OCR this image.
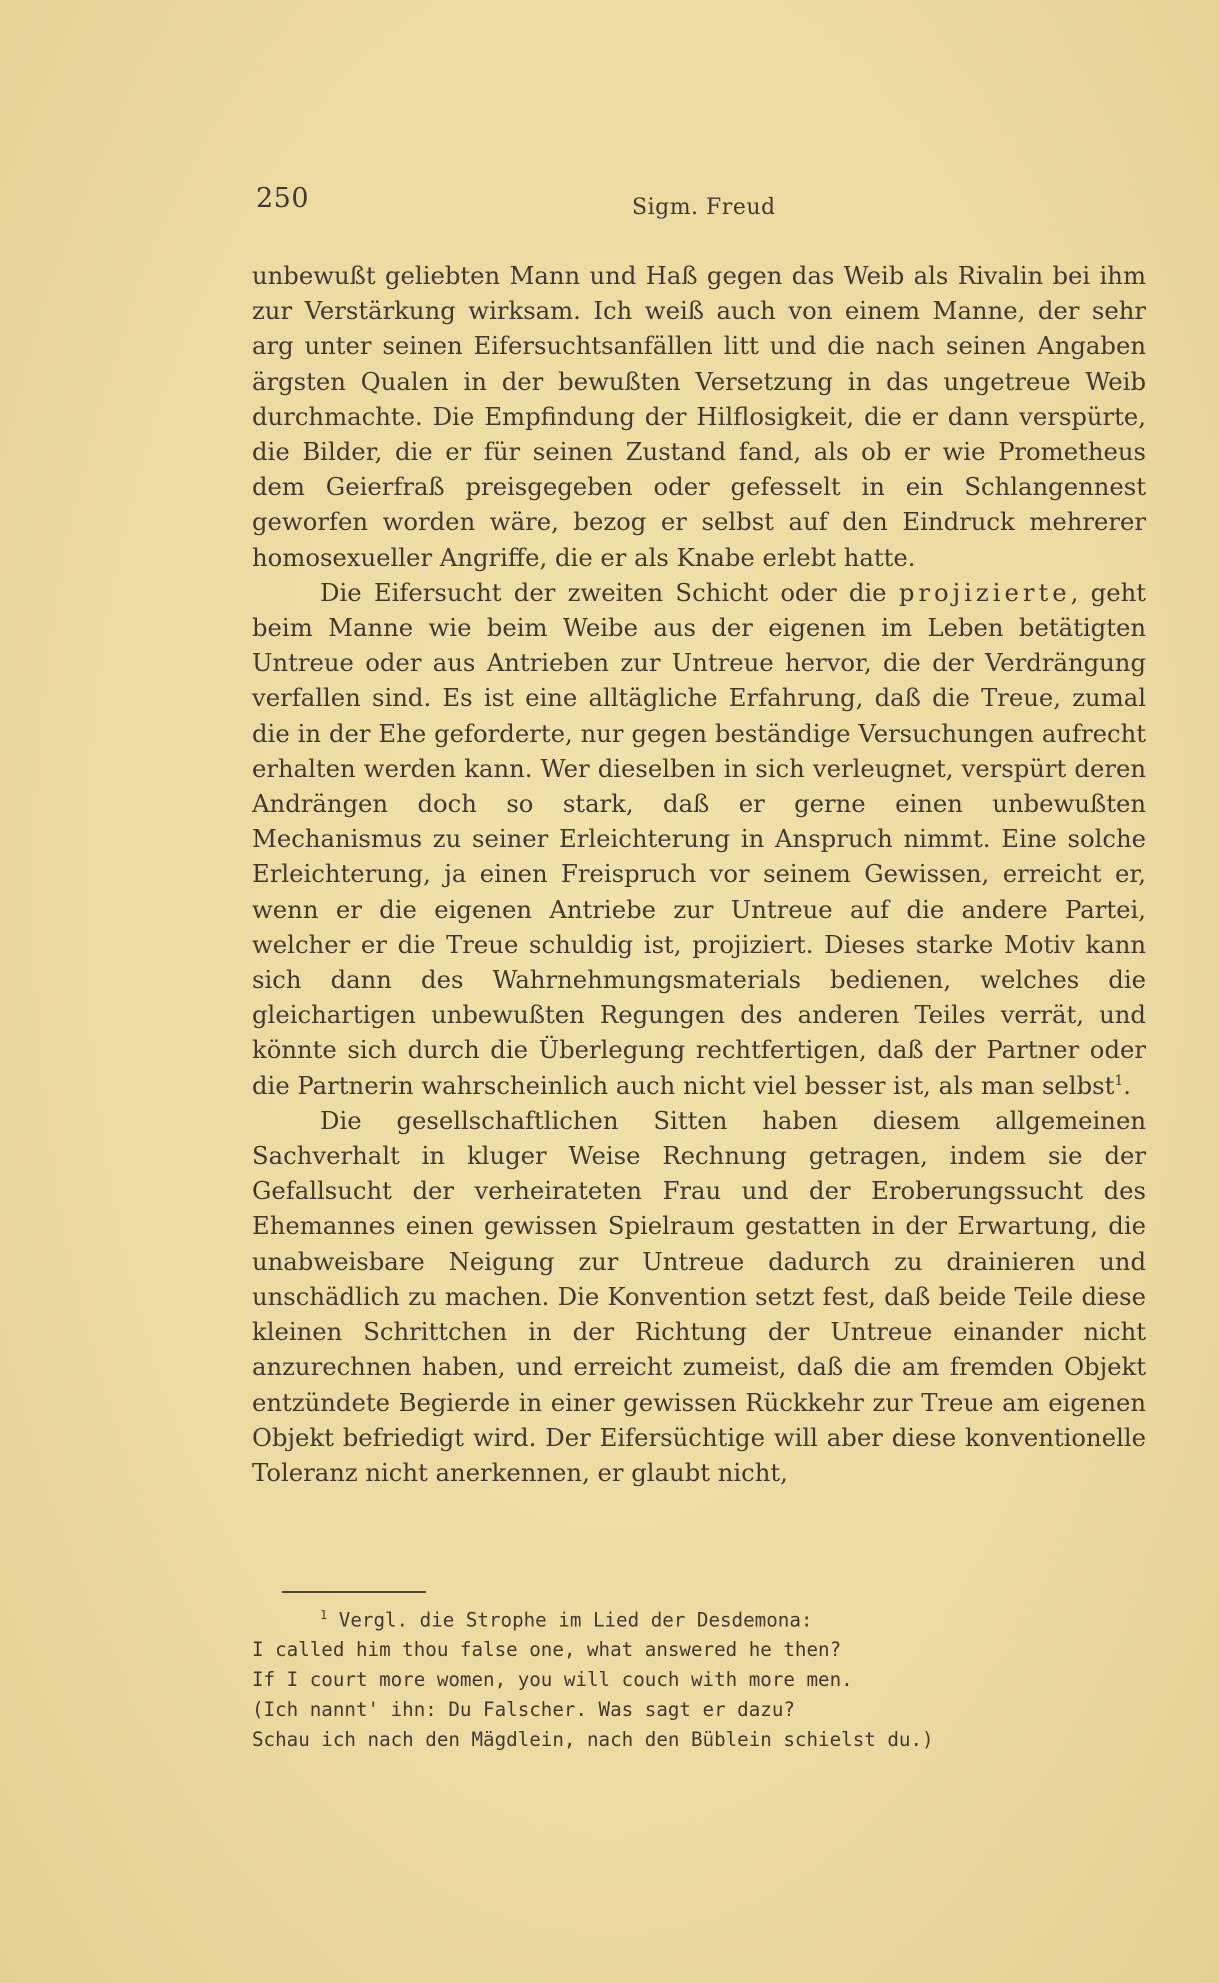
250	Sigm. Freud

unbewußt geliebten Mann und Haß gegen das Weib als Rivalin bei ihm zur Verstärkung wirksam. Ich weiß auch von einem Manne, der sehr arg unter seinen Eifersuchtsanfällen litt und die nach seinen Angaben ärgsten Qualen in der bewußten Versetzung in das ungetreue Weib durchmachte. Die Empfindung der Hilflosigkeit, die er dann verspürte, die Bilder, die er für seinen Zustand fand, als ob er wie Prometheus dem Geierfraß preisgegeben oder gefesselt in ein Schlangennest geworfen worden wäre, bezog er selbst auf den Eindruck mehrerer homosexueller Angriffe, die er als Knabe erlebt hatte.

Die Eifersucht der zweiten Schicht oder die projizierte, geht beim Manne wie beim Weibe aus der eigenen im Leben betätigten Untreue oder aus Antrieben zur Untreue hervor, die der Verdrängung verfallen sind. Es ist eine alltägliche Erfahrung, daß die Treue, zumal die in der Ehe geforderte, nur gegen beständige Versuchungen aufrecht erhalten werden kann. Wer dieselben in sich verleugnet, verspürt deren Andrängen doch so stark, daß er gerne einen unbewußten Mechanismus zu seiner Erleichterung in Anspruch nimmt. Eine solche Erleichterung, ja einen Freispruch vor seinem Gewissen, erreicht er, wenn er die eigenen Antriebe zur Untreue auf die andere Partei, welcher er die Treue schuldig ist, projiziert. Dieses starke Motiv kann sich dann des Wahrnehmungsmaterials bedienen, welches die gleichartigen unbewußten Regungen des anderen Teiles verrät, und könnte sich durch die Überlegung rechtfertigen, daß der Partner oder die Partnerin wahrscheinlich auch nicht viel besser ist, als man selbst$^1$.

Die gesellschaftlichen Sitten haben diesem allgemeinen Sachverhalt in kluger Weise Rechnung getragen, indem sie der Gefallsucht der verheirateten Frau und der Eroberungssucht des Ehemannes einen gewissen Spielraum gestatten in der Erwartung, die unabweisbare Neigung zur Untreue dadurch zu drainieren und unschädlich zu machen. Die Konvention setzt fest, daß beide Teile diese kleinen Schrittchen in der Richtung der Untreue einander nicht anzurechnen haben, und erreicht zumeist, daß die am fremden Objekt entzündete Begierde in einer gewissen Rückkehr zur Treue am eigenen Objekt befriedigt wird. Der Eifersüchtige will aber diese konventionelle Toleranz nicht anerkennen, er glaubt nicht,

$^1$ Vergl. die Strophe im Lied der Desdemona:
I called him thou false one, what answered he then?
If I court more women, you will couch with more men.
(Ich nannt' ihn: Du Falscher. Was sagt er dazu?
Schau ich nach den Mägdlein, nach den Büblein schielst du.)
